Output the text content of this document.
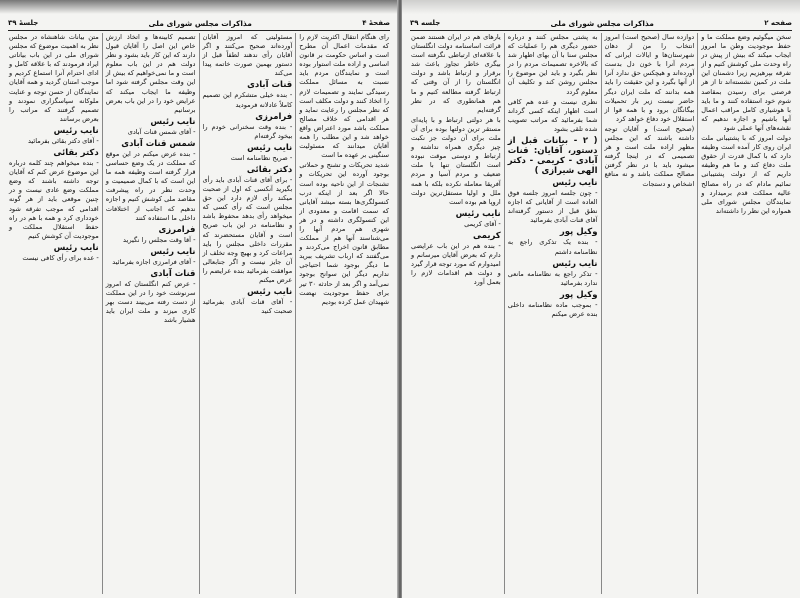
صفحهٔ ۴
مذاکرات مجلس شورای ملی
جلسهٔ ۳۹

رای هنگام انتقال اکثریت لازم را که مقدمات اعمال آن مطرح است و اساس حکومت بر قانون اساسی و اراده ملت استوار بوده است و نمایندگان مردم باید نسبت به مسائل مملکت رسیدگی نمایند و تصمیمات لازم را اتخاذ کنند و دولت مکلف است که نظر مجلس را رعایت نماید و هر اقدامی که خلاف مصالح مملکت باشد مورد اعتراض واقع خواهد شد و این مطلب را همه آقایان میدانند که مسئولیت سنگینی بر عهده ما است

شدید تحریکات و تشنج و حملاتی بوجود آورده این تحریکات و تشنجات از این ناحیه بوده است حالا اگر بعد از اینکه درب کنسولگری‌ها بسته میشد آقایانی که سمت اقامت و معدودی از این کنسولگری داشته و در هر شهری هم مردم آنها را می‌شناسند آنها هم از مملکت مطابق قانون اخراج می‌کردند و می‌گفتند که ارباب تشریف ببرید ما دیگر بوجود شما احتیاجی نداریم دیگر این سوانح بوجود نمی‌آمد و اگر بعد از حادثه ۳۰ تیر برای حفظ موجودیت نهضت شهیدان عمل کرده بودیم

مسئولیتی که امروز آقایان آورده‌اند صحیح می‌کنند و اگر آقایان رأی ندهند لطفاً قبل از دستور بهمین صورت خاتمه پیدا می‌کند

قنات آبادی

- بنده خیلی متشکرم این تصمیم کاملاً عادلانه فرمودید

فرامرزی

- بنده وقت سخنرانی خودم را بیخود گرفته‌ام

نایب رئیس

- صریح نظامنامه است

دکتر بقائی

- برای آقای قنات آبادی باید رأی بگیرید آنکسی که اول از صحبت میکند رأی لازم دارد این حق مجلس است که رأی کسی که میخواهد رأی بدهد محفوظ باشد و نظامنامه در این باب صریح است و آقایان مستحضرند که مقررات داخلی مجلس را باید مراعات کرد و بهیچ وجه تخلف از آن جایز نیست و اگر جنابعالی موافقت بفرمائید بنده عرایضم را عرض میکنم

نایب رئیس

- آقای قنات آبادی بفرمائید صحبت کنید

تصمیم کابینه‌ها و اتخاذ ارزش خاص این اصل را آقایان قبول دارند که این کار باید بشود و نظر دولت هم در این باب معلوم است و ما نمی‌خواهیم که بیش از این وقت مجلس گرفته شود اما وظیفه ما ایجاب میکند که عرایض خود را در این باب بعرض برسانیم

نایب رئیس

- آقای شمس قنات آبادی

شمس قنات آبادی

- بنده عرض میکنم در این موقع که مملکت در یک وضع حساسی قرار گرفته است وظیفه همه ما این است که با کمال صمیمیت و وحدت نظر در راه پیشرفت مقاصد ملی کوشش کنیم و اجازه ندهیم که اجانب از اختلافات داخلی ما استفاده کنند

فرامرزی

- آقا وقت مجلس را نگیرید

نایب رئیس

- آقای فرامرزی اجازه بفرمائید

قنات آبادی

- عرض کنم انگلستان که امروز سرنوشت خود را در این مملکت از دست رفته می‌بیند دست بهر کاری میزند و ملت ایران باید هشیار باشد

متن بیانات شاهنشاه در مجلس نظر به اهمیت موضوع که مجلس شورای ملی در این باب بیاناتی ایراد فرمودند که با علاقه کامل و ادای احترام آنرا استماع کردیم و موجب امتنان گردید و همه آقایان نمایندگان از حسن توجه و عنایت ملوکانه سپاسگزاری نمودند و تصمیم گرفتند که مراتب را بعرض برسانند

نایب رئیس

- آقای دکتر بقائی بفرمائید

دکتر بقائی

- بنده میخواهم چند کلمه درباره این موضوع عرض کنم که آقایان توجه داشته باشند که وضع مملکت وضع عادی نیست و در چنین موقعی باید از هر گونه اقدامی که موجب تفرقه شود خودداری کرد و همه با هم در راه حفظ استقلال مملکت و موجودیت آن کوشش کنیم

نایب رئیس

- عده برای رأی کافی نیست

صفحه ۲
مذاکرات مجلس شورای ملی
جلسه ۳۹

سخن میگوئیم وضع مملکت ما و حفظ موجودیت وطن ما امروز ایجاب میکند که بیش از پیش در راه وحدت ملی کوشش کنیم و از تفرقه بپرهیزیم زیرا دشمنان این ملت در کمین نشسته‌اند تا از هر فرصتی برای رسیدن بمقاصد شوم خود استفاده کنند و ما باید با هوشیاری کامل مراقب اعمال آنها باشیم و اجازه ندهیم که نقشه‌های آنها عملی شود

دولت امروز که با پشتیبانی ملت ایران روی کار آمده است وظیفه دارد که با کمال قدرت از حقوق ملت دفاع کند و ما هم وظیفه داریم که از دولت پشتیبانی نمائیم مادام که در راه مصالح عالیه مملکت قدم برمیدارد و نمایندگان مجلس شورای ملی همواره این نظر را داشته‌اند

دوازده سال (صحیح است) امروز انتخاب را من از دهان شهرستان‌ها و ایالات ایرانی که مردم آنرا با خون دل بدست آورده‌اند و هیچکس حق ندارد آنرا از آنها بگیرد و این حقیقت را باید همه بدانند که ملت ایران دیگر حاضر نیست زیر بار تحمیلات بیگانگان برود و با همه قوا از استقلال خود دفاع خواهد کرد

(صحیح است) و آقایان توجه داشته باشند که این مجلس مظهر اراده ملت است و هر تصمیمی که در اینجا گرفته میشود باید با در نظر گرفتن مصالح مملکت باشد و نه منافع اشخاص و دستجات

به پشتی مجلس کنند و درباره حضور دیگری هم را عملیات که مجلس سنا با آن بهای اظهار شد که بالاخره تصمیمات مردم را در نظر بگیرد و باید این موضوع را مجلس روشن کند و تکلیف آن معلوم گردد

نظری نیست و عده هم کافی است اظهار اینکه کسی گرداند شما بفرمائید که مراتب تصویب شده تلقی بشود

( ۲ - بیانات قبل از دستور، آقایان: قنات آبادی - کریمی - دکتر الهی شیرازی )
نایب رئیس

- چون جلسه امروز جلسه فوق العاده است از آقایانی که اجازه نطق قبل از دستور گرفته‌اند آقای قنات آبادی بفرمائید

وکیل پور

- بنده یک تذکری راجع به نظامنامه داشتم

نایب رئیس

- تذکر راجع به نظامنامه مانعی ندارد بفرمائید

وکیل پور

- بموجب ماده نظامنامه داخلی بنده عرض میکنم

یارهای هم در ایران هستند ضمن قرائت اساسنامه دولت انگلستان با علاقه‌ای ارتباطی نگرفته است بیگری خاطر تجاوز باعث شد برقرار و ارتباط باشد و دولت انگلستان را از آن وقتی که ارتباط گرفته مطالعه کنیم و ما هم همانطوری که در نظر گرفته‌ایم

با هر دولتی ارتباط و با پایه‌ای مستقر ترین دولتها بوده برای آن ملت برای آن دولت جز نکبت چیز دیگری همراه نداشته و ارتباط و دوستی موقت نبوده است انگلستان تنها با ملت ضعیف و مردم آسیا و مردم آفریقا معامله نکرده بلکه با همه ملل و اولیا مستقل‌ترین دولت اروپا هم بوده است

نایب رئیس

- آقای کریمی

کریمی

- بنده هم در این باب عرایضی دارم که بعرض آقایان میرسانم و امیدوارم که مورد توجه قرار گیرد و دولت هم اقدامات لازم را بعمل آورد
